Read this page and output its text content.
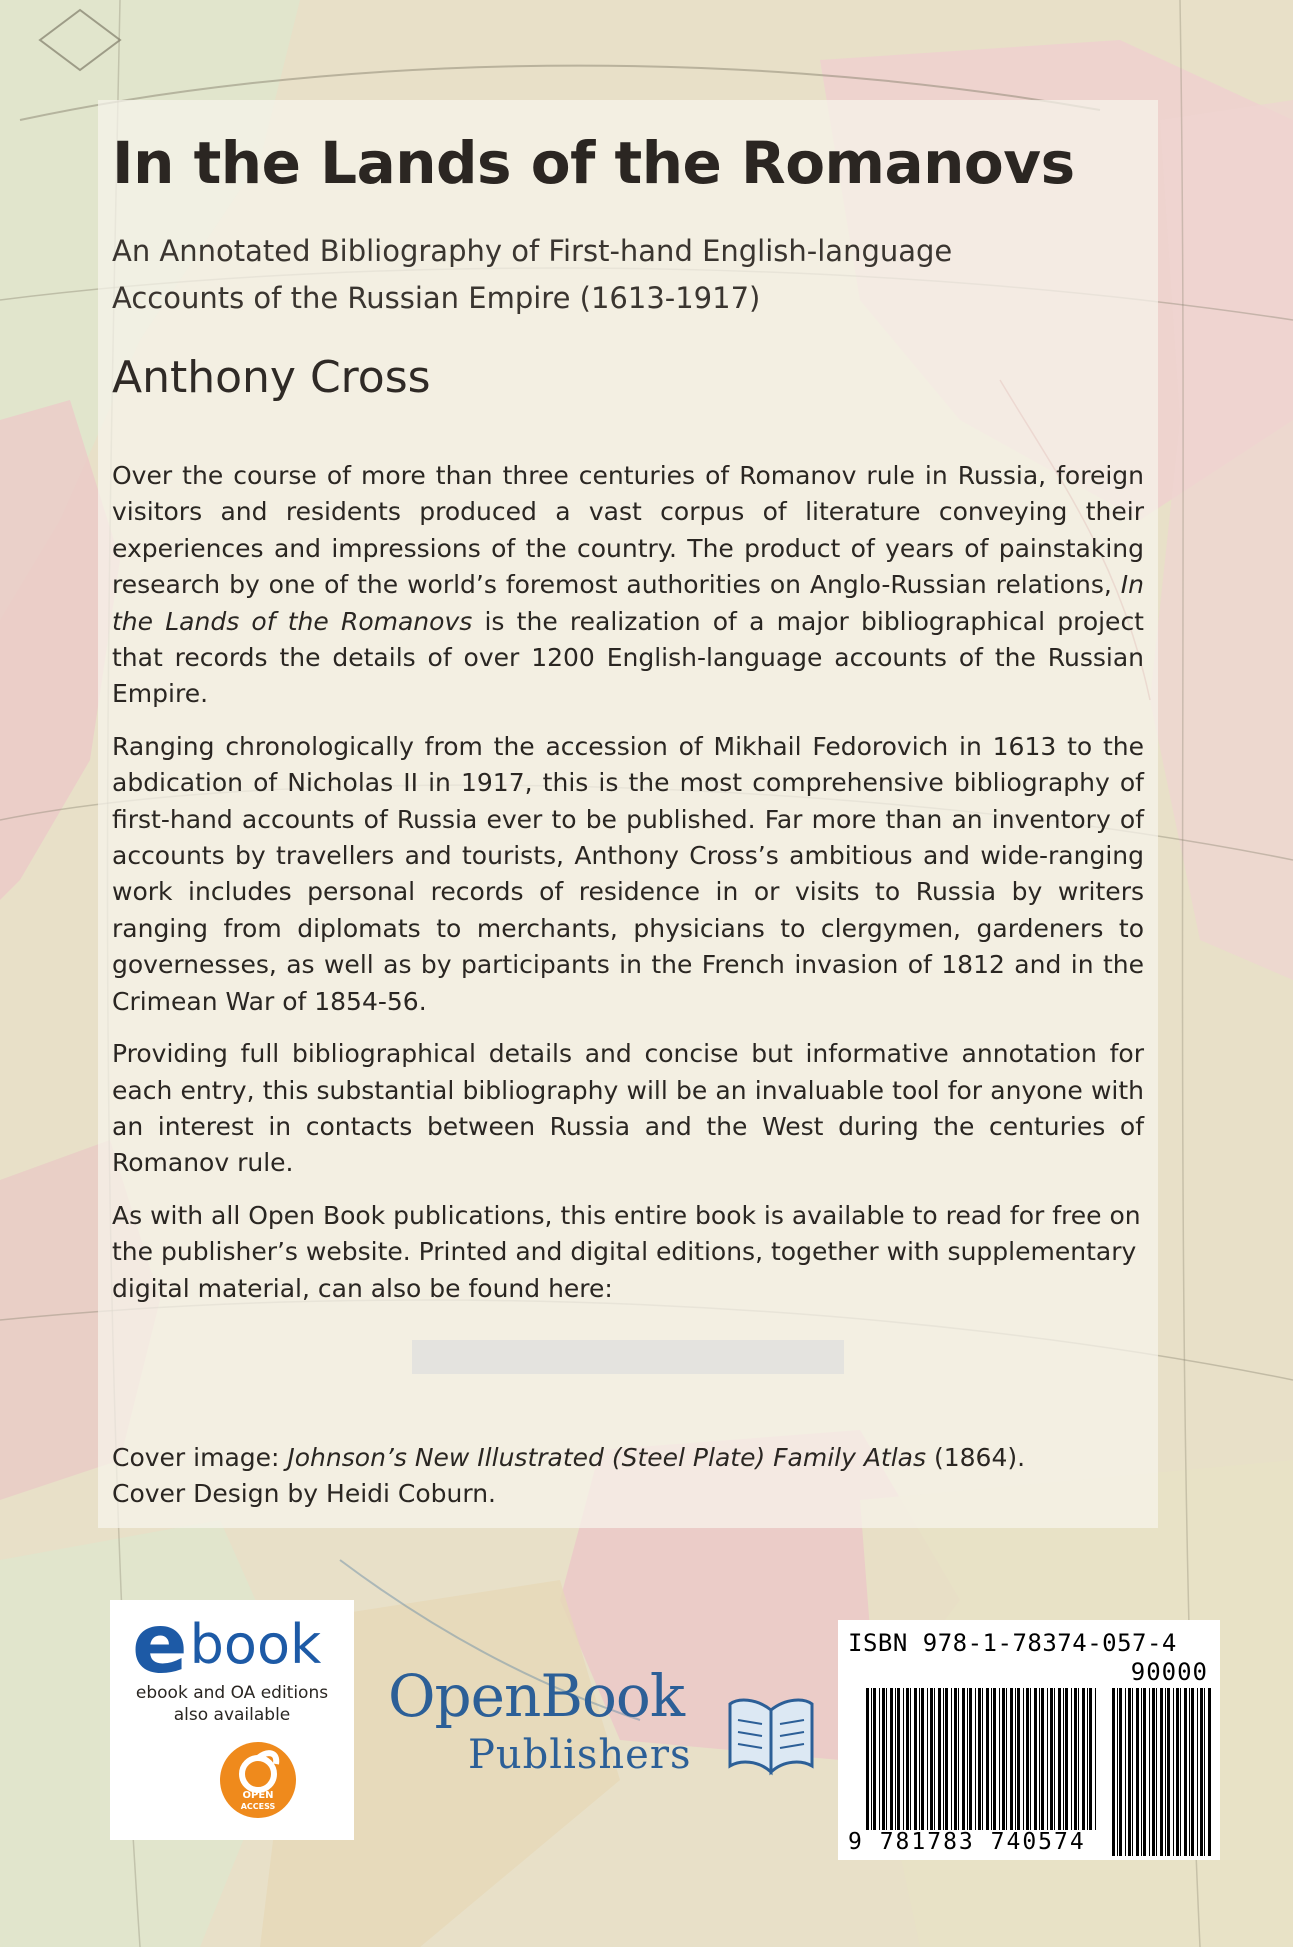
In the Lands of the Romanovs
An Annotated Bibliography of First-hand English-language
Accounts of the Russian Empire (1613-1917)
Anthony Cross

Over the course of more than three centuries of Romanov rule in Russia, foreign visitors and residents produced a vast corpus of literature conveying their experiences and impressions of the country. The product of years of painstaking research by one of the world’s foremost authorities on Anglo-Russian relations, In the Lands of the Romanovs is the realization of a major bibliographical project that records the details of over 1200 English-language accounts of the Russian Empire.

Ranging chronologically from the accession of Mikhail Fedorovich in 1613 to the abdication of Nicholas II in 1917, this is the most comprehensive bibliography of first-hand accounts of Russia ever to be published. Far more than an inventory of accounts by travellers and tourists, Anthony Cross’s ambitious and wide-ranging work includes personal records of residence in or visits to Russia by writers ranging from diplomats to merchants, physicians to clergymen, gardeners to governesses, as well as by participants in the French invasion of 1812 and in the Crimean War of 1854-56.

Providing full bibliographical details and concise but informative annotation for each entry, this substantial bibliography will be an invaluable tool for anyone with an interest in contacts between Russia and the West during the centuries of Romanov rule.

As with all Open Book publications, this entire book is available to read for free on the publisher’s website. Printed and digital editions, together with supplementary digital material, can also be found here:

Cover image: Johnson’s New Illustrated (Steel Plate) Family Atlas (1864).
Cover Design by Heidi Coburn.
ebook
ebook and OA editions
also available
OPEN
ACCESS
OpenBook
Publishers
ISBN 978-1-78374-057-4
90000
9 781783 740574
